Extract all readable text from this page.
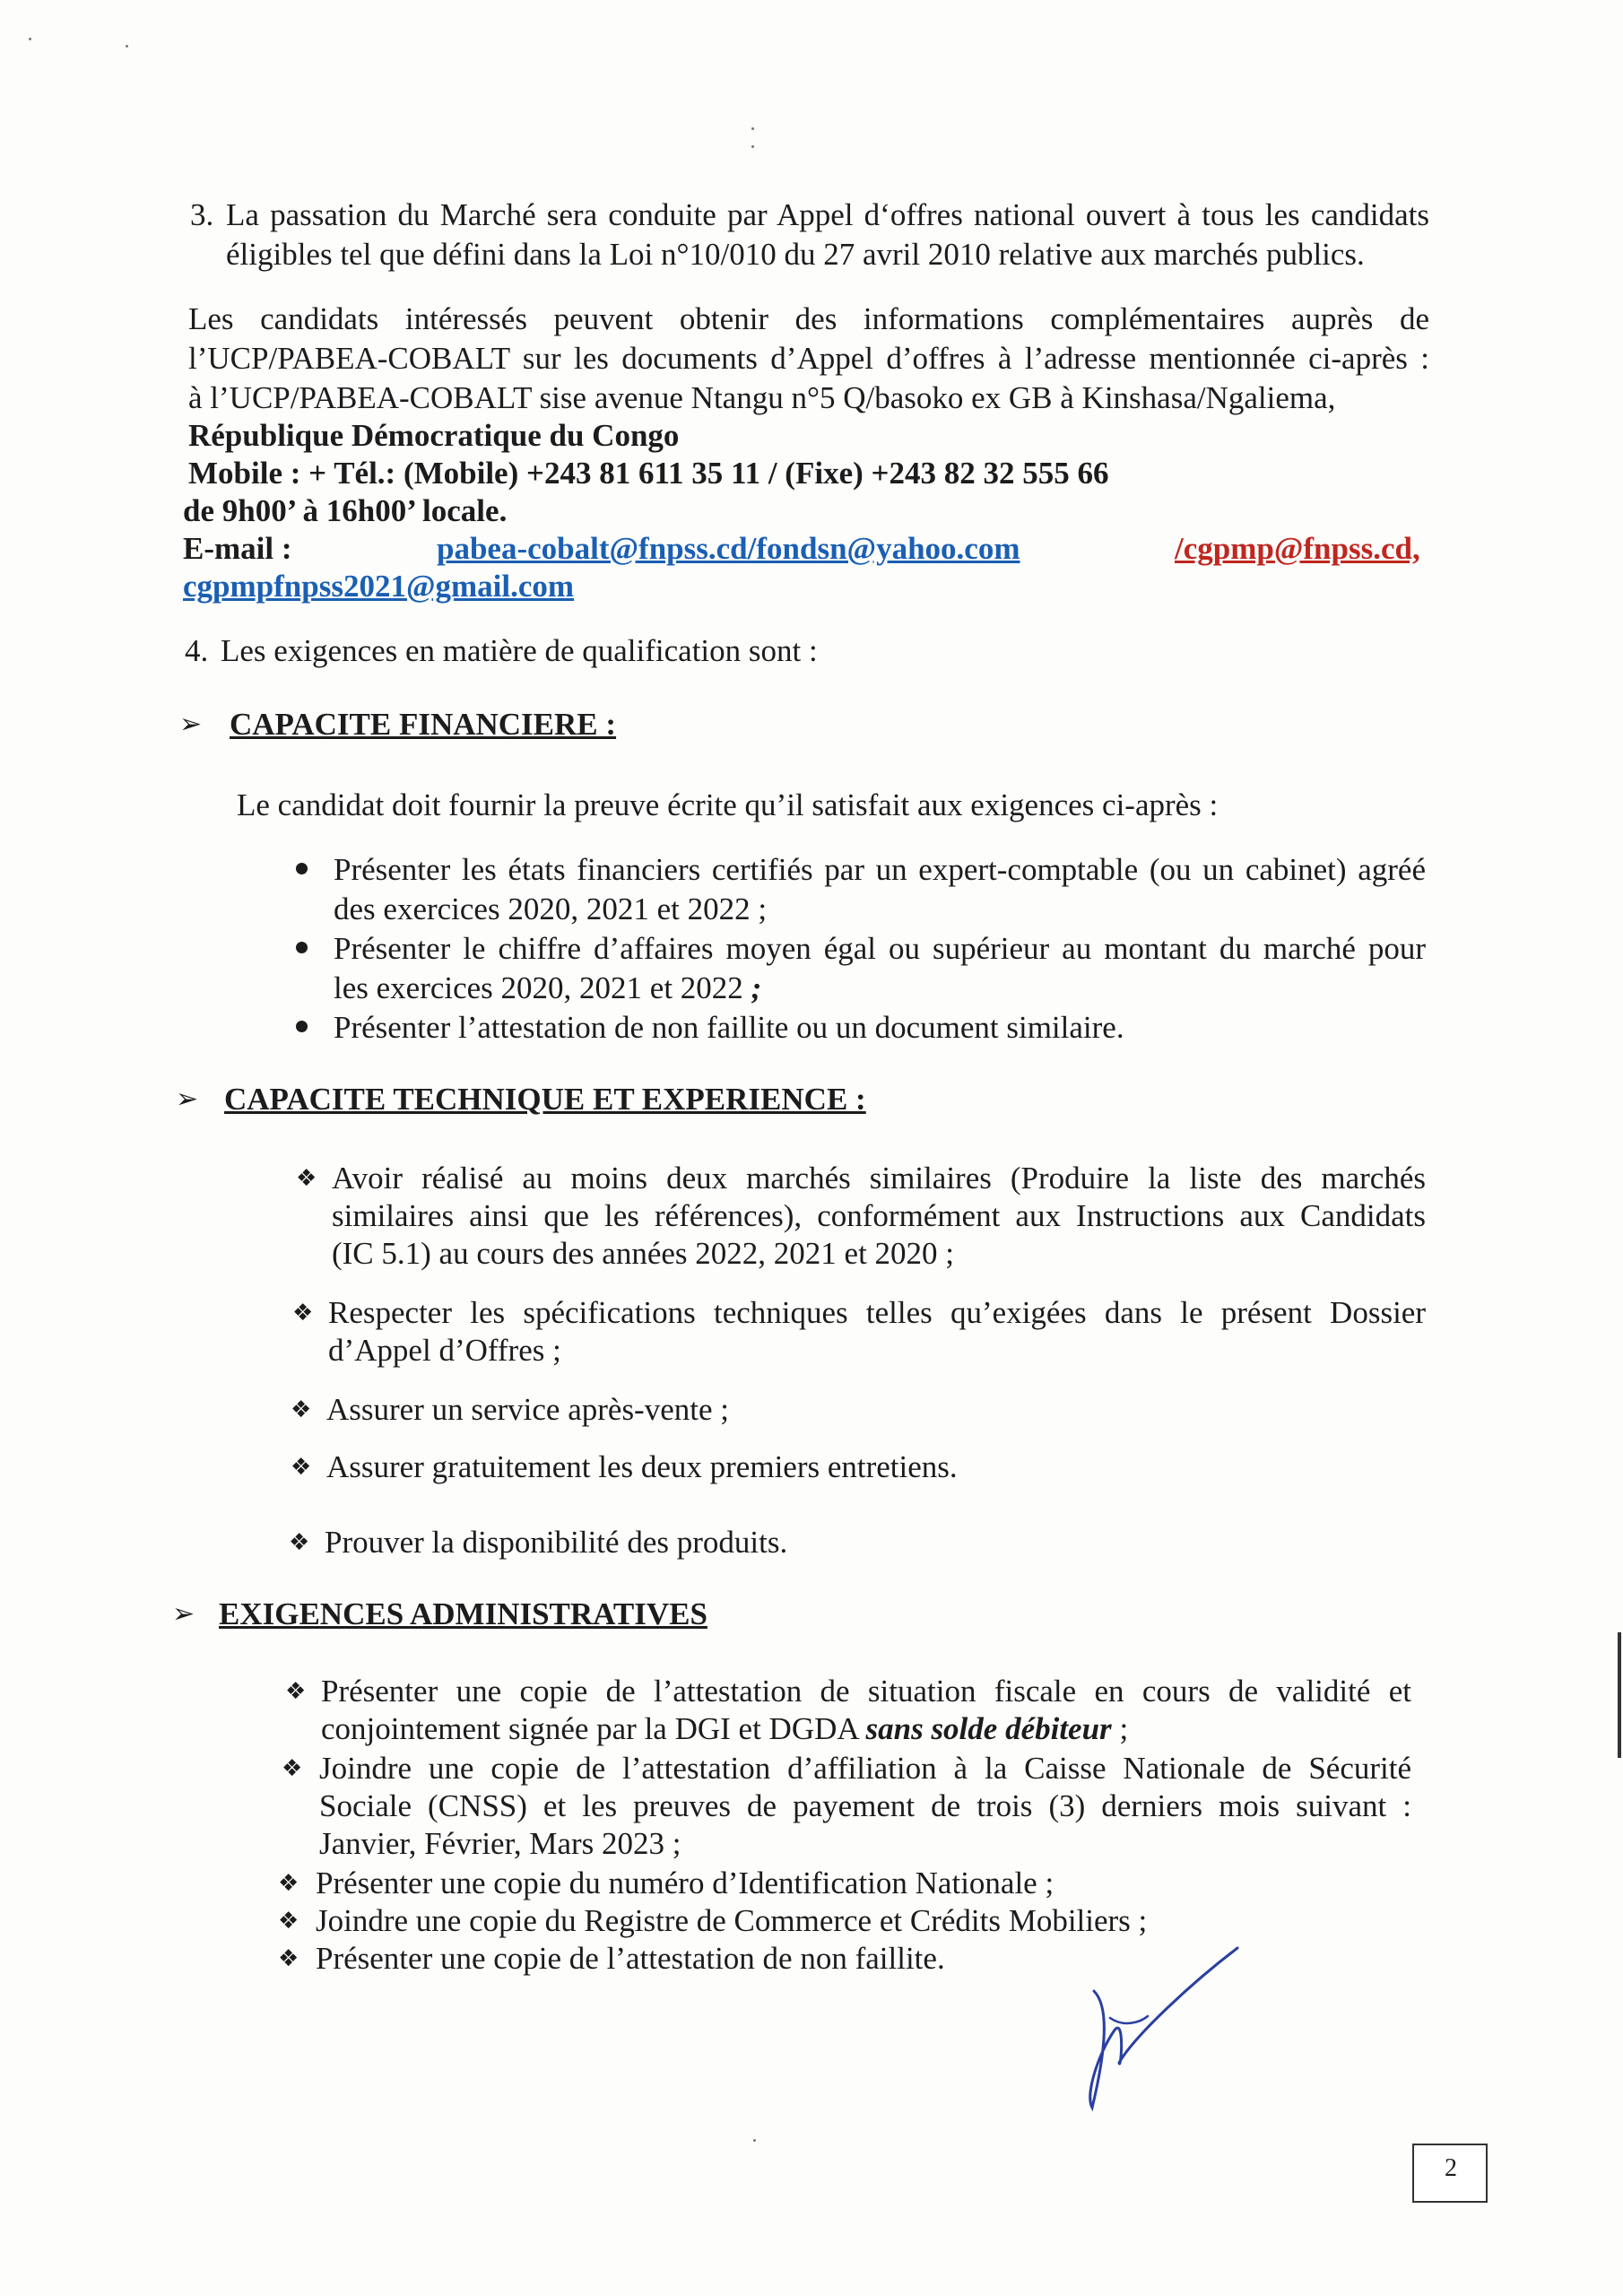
3. La passation du Marché sera conduite par Appel d‘offres national ouvert à tous les candidats
éligibles tel que défini dans la Loi n°10/010 du 27 avril 2010 relative aux marchés publics.
Les candidats intéressés peuvent obtenir des informations complémentaires auprès de
l’UCP/PABEA-COBALT sur les documents d’Appel d’offres à l’adresse mentionnée ci-après :
à l’UCP/PABEA-COBALT sise avenue Ntangu n°5 Q/basoko ex GB à Kinshasa/Ngaliema,
République Démocratique du Congo
Mobile : + Tél.: (Mobile) +243 81 611 35 11 / (Fixe) +243 82 32 555 66
de 9h00’ à 16h00’ locale.
E-mail :	pabea-cobalt@fnpss.cd/fondsn@yahoo.com	/cgpmp@fnpss.cd,
cgpmpfnpss2021@gmail.com
4. Les exigences en matière de qualification sont :
➢ CAPACITE FINANCIERE :
Le candidat doit fournir la preuve écrite qu’il satisfait aux exigences ci-après :
Présenter les états financiers certifiés par un expert-comptable (ou un cabinet) agréé
des exercices 2020, 2021 et 2022 ;
Présenter le chiffre d’affaires moyen égal ou supérieur au montant du marché pour
les exercices 2020, 2021 et 2022 ;
Présenter l’attestation de non faillite ou un document similaire.
➢ CAPACITE TECHNIQUE ET EXPERIENCE :
❖ Avoir réalisé au moins deux marchés similaires (Produire la liste des marchés
similaires ainsi que les références), conformément aux Instructions aux Candidats
(IC 5.1) au cours des années 2022, 2021 et 2020 ;
❖ Respecter les spécifications techniques telles qu’exigées dans le présent Dossier
d’Appel d’Offres ;
❖ Assurer un service après-vente ;
❖ Assurer gratuitement les deux premiers entretiens.
❖ Prouver la disponibilité des produits.
➢ EXIGENCES ADMINISTRATIVES
❖ Présenter une copie de l’attestation de situation fiscale en cours de validité et
conjointement signée par la DGI et DGDA sans solde débiteur ;
❖ Joindre une copie de l’attestation d’affiliation à la Caisse Nationale de Sécurité
Sociale (CNSS) et les preuves de payement de trois (3) derniers mois suivant :
Janvier, Février, Mars 2023 ;
❖ Présenter une copie du numéro d’Identification Nationale ;
❖ Joindre une copie du Registre de Commerce et Crédits Mobiliers ;
❖ Présenter une copie de l’attestation de non faillite.
2
